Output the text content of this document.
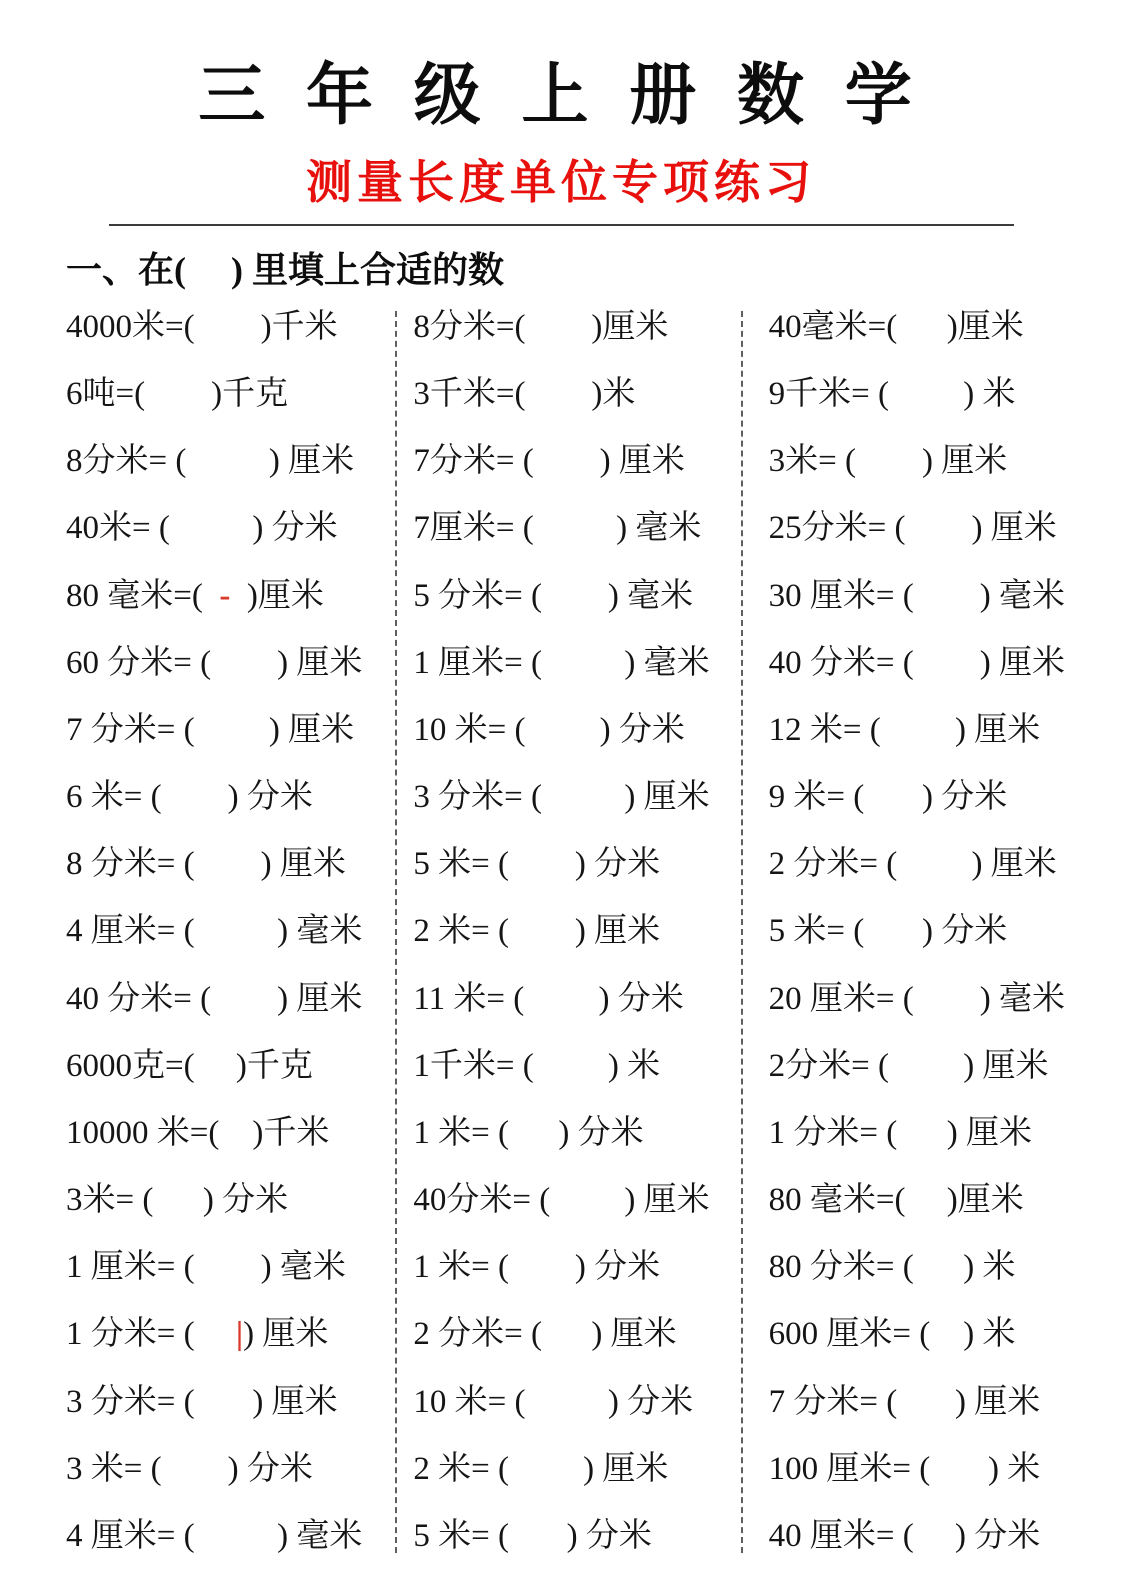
三 年 级 上 册 数 学
测量长度单位专项练习
一、在(     ) 里填上合适的数
4000米=(        )千米
6吨=(        )千克
8分米= (          ) 厘米
40米= (          ) 分米
80 毫米=(  -  )厘米
60 分米= (        ) 厘米
7 分米= (         ) 厘米
6 米= (        ) 分米
8 分米= (        ) 厘米
4 厘米= (          ) 毫米
40 分米= (        ) 厘米
6000克=(     )千克
10000 米=(    )千米
3米= (      ) 分米
1 厘米= (        ) 毫米
1 分米= (     |) 厘米
3 分米= (       ) 厘米
3 米= (        ) 分米
4 厘米= (          ) 毫米
8分米=(        )厘米
3千米=(        )米
7分米= (        ) 厘米
7厘米= (          ) 毫米
5 分米= (        ) 毫米
1 厘米= (          ) 毫米
10 米= (         ) 分米
3 分米= (          ) 厘米
5 米= (        ) 分米
2 米= (        ) 厘米
11 米= (         ) 分米
1千米= (         ) 米
1 米= (      ) 分米
40分米= (         ) 厘米
1 米= (        ) 分米
2 分米= (      ) 厘米
10 米= (          ) 分米
2 米= (         ) 厘米
5 米= (       ) 分米
40毫米=(      )厘米
9千米= (         ) 米
3米= (        ) 厘米
25分米= (        ) 厘米
30 厘米= (        ) 毫米
40 分米= (        ) 厘米
12 米= (         ) 厘米
9 米= (       ) 分米
2 分米= (         ) 厘米
5 米= (       ) 分米
20 厘米= (        ) 毫米
2分米= (         ) 厘米
1 分米= (      ) 厘米
80 毫米=(     )厘米
80 分米= (      ) 米
600 厘米= (    ) 米
7 分米= (       ) 厘米
100 厘米= (       ) 米
40 厘米= (     ) 分米
